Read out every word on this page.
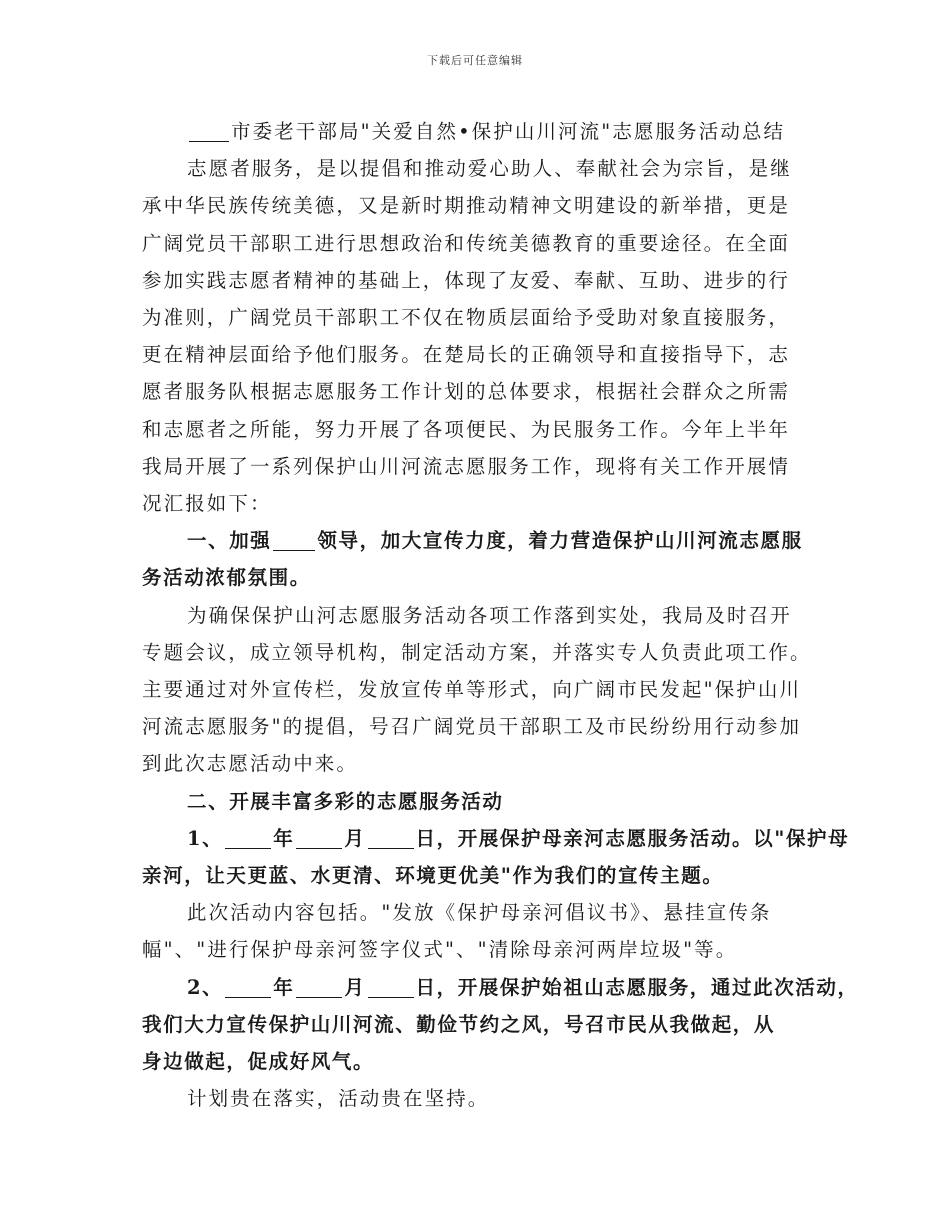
下载后可任意编辑
市委老干部局"关爱自然•保护山川河流"志愿服务活动总结

志愿者服务，是以提倡和推动爱心助人、奉献社会为宗旨，是继

承中华民族传统美德，又是新时期推动精神文明建设的新举措，更是
广阔党员干部职工进行思想政治和传统美德教育的重要途径。在全面
参加实践志愿者精神的基础上，体现了友爱、奉献、互助、进步的行
为准则，广阔党员干部职工不仅在物质层面给予受助对象直接服务，
更在精神层面给予他们服务。在楚局长的正确领导和直接指导下，志
愿者服务队根据志愿服务工作计划的总体要求，根据社会群众之所需
和志愿者之所能，努力开展了各项便民、为民服务工作。今年上半年
我局开展了一系列保护山川河流志愿服务工作，现将有关工作开展情
况汇报如下：
一、加强 领导，加大宣传力度，着力营造保护山川河流志愿服
务活动浓郁氛围。
为确保保护山河志愿服务活动各项工作落到实处，我局及时召开
专题会议，成立领导机构，制定活动方案，并落实专人负责此项工作。
主要通过对外宣传栏，发放宣传单等形式，向广阔市民发起"保护山川
河流志愿服务"的提倡，号召广阔党员干部职工及市民纷纷用行动参加
到此次志愿活动中来。
二、开展丰富多彩的志愿服务活动
1、	年	月	日，开展保护母亲河志愿服务活动。以"保护母
亲河，让天更蓝、水更清、环境更优美"作为我们的宣传主题。
此次活动内容包括。"发放《保护母亲河倡议书》、悬挂宣传条
幅"、"进行保护母亲河签字仪式"、"清除母亲河两岸垃圾"等。
2、	年	月	日，开展保护始祖山志愿服务，通过此次活动，
我们大力宣传保护山川河流、勤俭节约之风，号召市民从我做起，从
身边做起，促成好风气。
计划贵在落实，活动贵在坚持。
